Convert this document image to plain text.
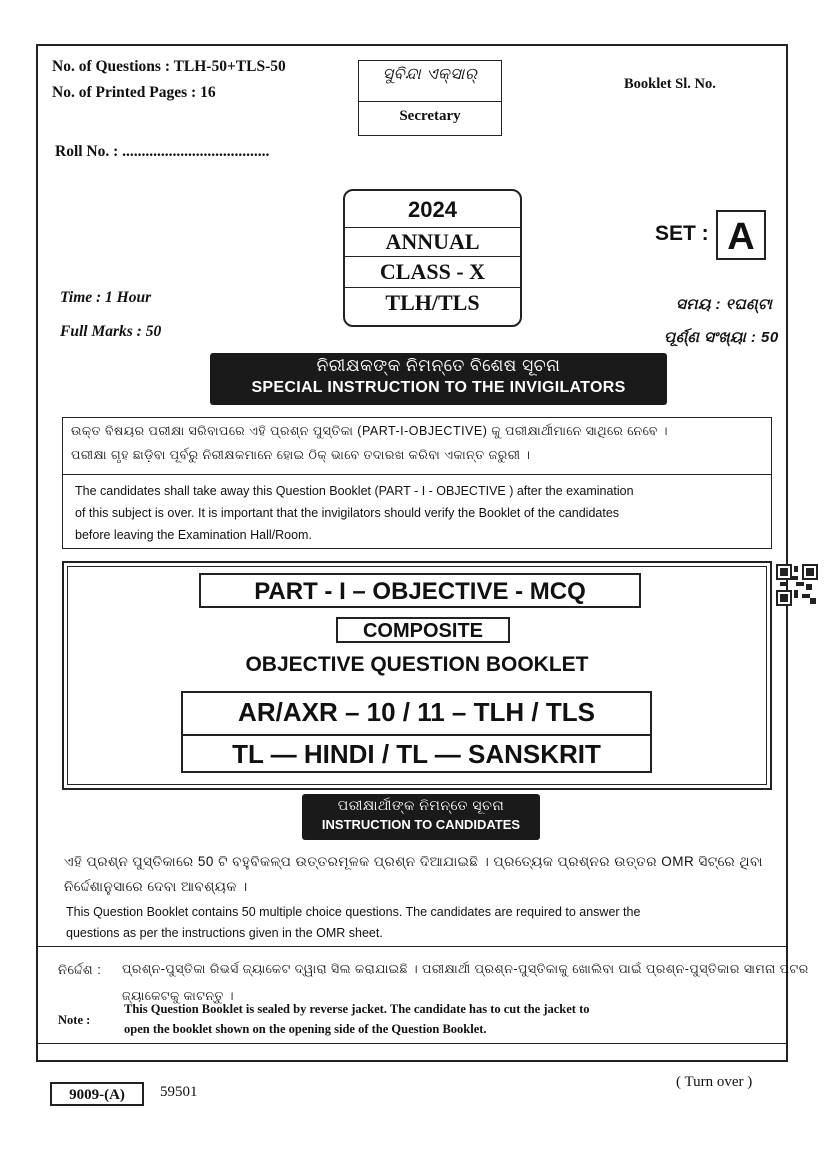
No. of Questions : TLH-50+TLS-50
No. of Printed Pages : 16
ସୁବିନ୍ଦା ଏକ୍ସାର୍
Secretary
Booklet Sl. No.
Roll No. : ......................................
2024
ANNUAL
CLASS - X
TLH/TLS
SET : A
Time : 1 Hour
Full Marks : 50
ସମୟ : ୧ଘଣ୍ଟା
ପୂର୍ଣ୍ଣ ସଂଖ୍ୟା : 50
ନିରୀକ୍ଷକଙ୍କ ନିମନ୍ତେ ବିଶେଷ ସୂଚନା
SPECIAL INSTRUCTION TO THE INVIGILATORS
ଉକ୍ତ ବିଷୟର ପରୀକ୍ଷା ସରିବାପରେ ଏହି ପ୍ରଶ୍ନ ପୁସ୍ତିକା (PART-I-OBJECTIVE) କୁ ପରୀକ୍ଷାର୍ଥୀମାନେ ସାଥିରେ ନେବେ ।
ପରୀକ୍ଷା ଗୃହ ଛାଡ଼ିବା ପୂର୍ବରୁ ନିରୀକ୍ଷକମାନେ ହୋଇ ଠିକ୍ ଭାବେ ତଦାରଖ କରିବା ଏକାନ୍ତ ଜରୁରୀ ।
The candidates shall take away this Question Booklet (PART - I - OBJECTIVE ) after the examination
of this subject is over. It is important that the invigilators should verify the Booklet of the candidates
before leaving the Examination Hall/Room.
PART - I – OBJECTIVE - MCQ
COMPOSITE
OBJECTIVE QUESTION BOOKLET
AR/AXR – 10 / 11 – TLH / TLS
TL — HINDI / TL — SANSKRIT
ପରୀକ୍ଷାର୍ଥୀଙ୍କ ନିମନ୍ତେ ସୂଚନା
INSTRUCTION TO CANDIDATES
ଏହି ପ୍ରଶ୍ନ ପୁସ୍ତିକାରେ 50 ଟି ବହୁବିକଳ୍ପ ଉତ୍ତରମୂଳକ ପ୍ରଶ୍ନ ଦିଆଯାଇଛି । ପ୍ରତ୍ୟେକ ପ୍ରଶ୍ନର ଉତ୍ତର OMR ସିଟ୍‌ରେ ଥିବା
ନିର୍ଦ୍ଦେଶାନୁସାରେ ଦେବା ଆବଶ୍ୟକ ।
This Question Booklet contains 50 multiple choice questions. The candidates are required to answer the
questions as per the instructions given in the OMR sheet.
ନିର୍ଦ୍ଦେଶ : ପ୍ରଶ୍ନ-ପୁସ୍ତିକା ରିଭର୍ସ ଜ୍ୟାକେଟ ଦ୍ୱାରା ସିଲ କରାଯାଇଛି । ପରୀକ୍ଷାର୍ଥୀ ପ୍ରଶ୍ନ-ପୁସ୍ତିକାକୁ ଖୋଲିବା ପାଇଁ ପ୍ରଶ୍ନ-ପୁସ୍ତିକାର ସାମନା ପଟର
ଜ୍ୟାକେଟକୁ କାଟନ୍ତୁ ।
Note :
This Question Booklet is sealed by reverse jacket. The candidate has to cut the jacket to
open the booklet shown on the opening side of the Question Booklet.
9009-(A)	59501
( Turn over )
